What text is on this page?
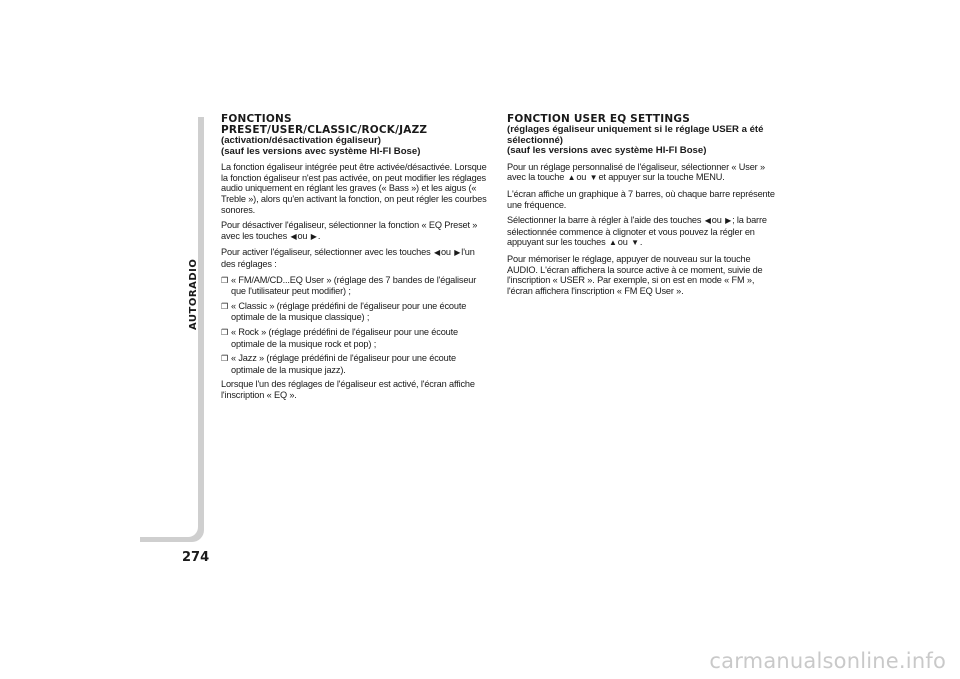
AUTORADIO
274
FONCTIONS
PRESET/USER/CLASSIC/ROCK/JAZZ
(activation/désactivation égaliseur)
(sauf les versions avec système HI-FI Bose)

La fonction égaliseur intégrée peut être activée/désactivée. Lorsque la fonction égaliseur n'est pas activée, on peut modifier les réglages audio uniquement en réglant les graves (« Bass ») et les aigus (« Treble »), alors qu'en activant la fonction, on peut régler les courbes sonores.

Pour désactiver l'égaliseur, sélectionner la fonction « EQ Preset » avec les touches ◀ou ▶.

Pour activer l'égaliseur, sélectionner avec les touches ◀ou ▶l'un des réglages :

❒ « FM/AM/CD...EQ User » (réglage des 7 bandes de l'égaliseur que l'utilisateur peut modifier) ;
❒ « Classic » (réglage prédéfini de l'égaliseur pour une écoute optimale de la musique classique) ;
❒ « Rock » (réglage prédéfini de l'égaliseur pour une écoute optimale de la musique rock et pop) ;
❒ « Jazz » (réglage prédéfini de l'égaliseur pour une écoute optimale de la musique jazz).

Lorsque l'un des réglages de l'égaliseur est activé, l'écran affiche l'inscription « EQ ».

FONCTION USER EQ SETTINGS
(réglages égaliseur uniquement si le réglage USER a été sélectionné)
(sauf les versions avec système HI-FI Bose)

Pour un réglage personnalisé de l'égaliseur, sélectionner « User » avec la touche ▲ou ▼et appuyer sur la touche MENU.

L'écran affiche un graphique à 7 barres, où chaque barre représente une fréquence.

Sélectionner la barre à régler à l'aide des touches ◀ou ▶; la barre sélectionnée commence à clignoter et vous pouvez la régler en appuyant sur les touches ▲ou ▼.

Pour mémoriser le réglage, appuyer de nouveau sur la touche AUDIO. L'écran affichera la source active à ce moment, suivie de l'inscription « USER ». Par exemple, si on est en mode « FM », l'écran affichera l'inscription « FM EQ User ».

carmanualsonline.info
